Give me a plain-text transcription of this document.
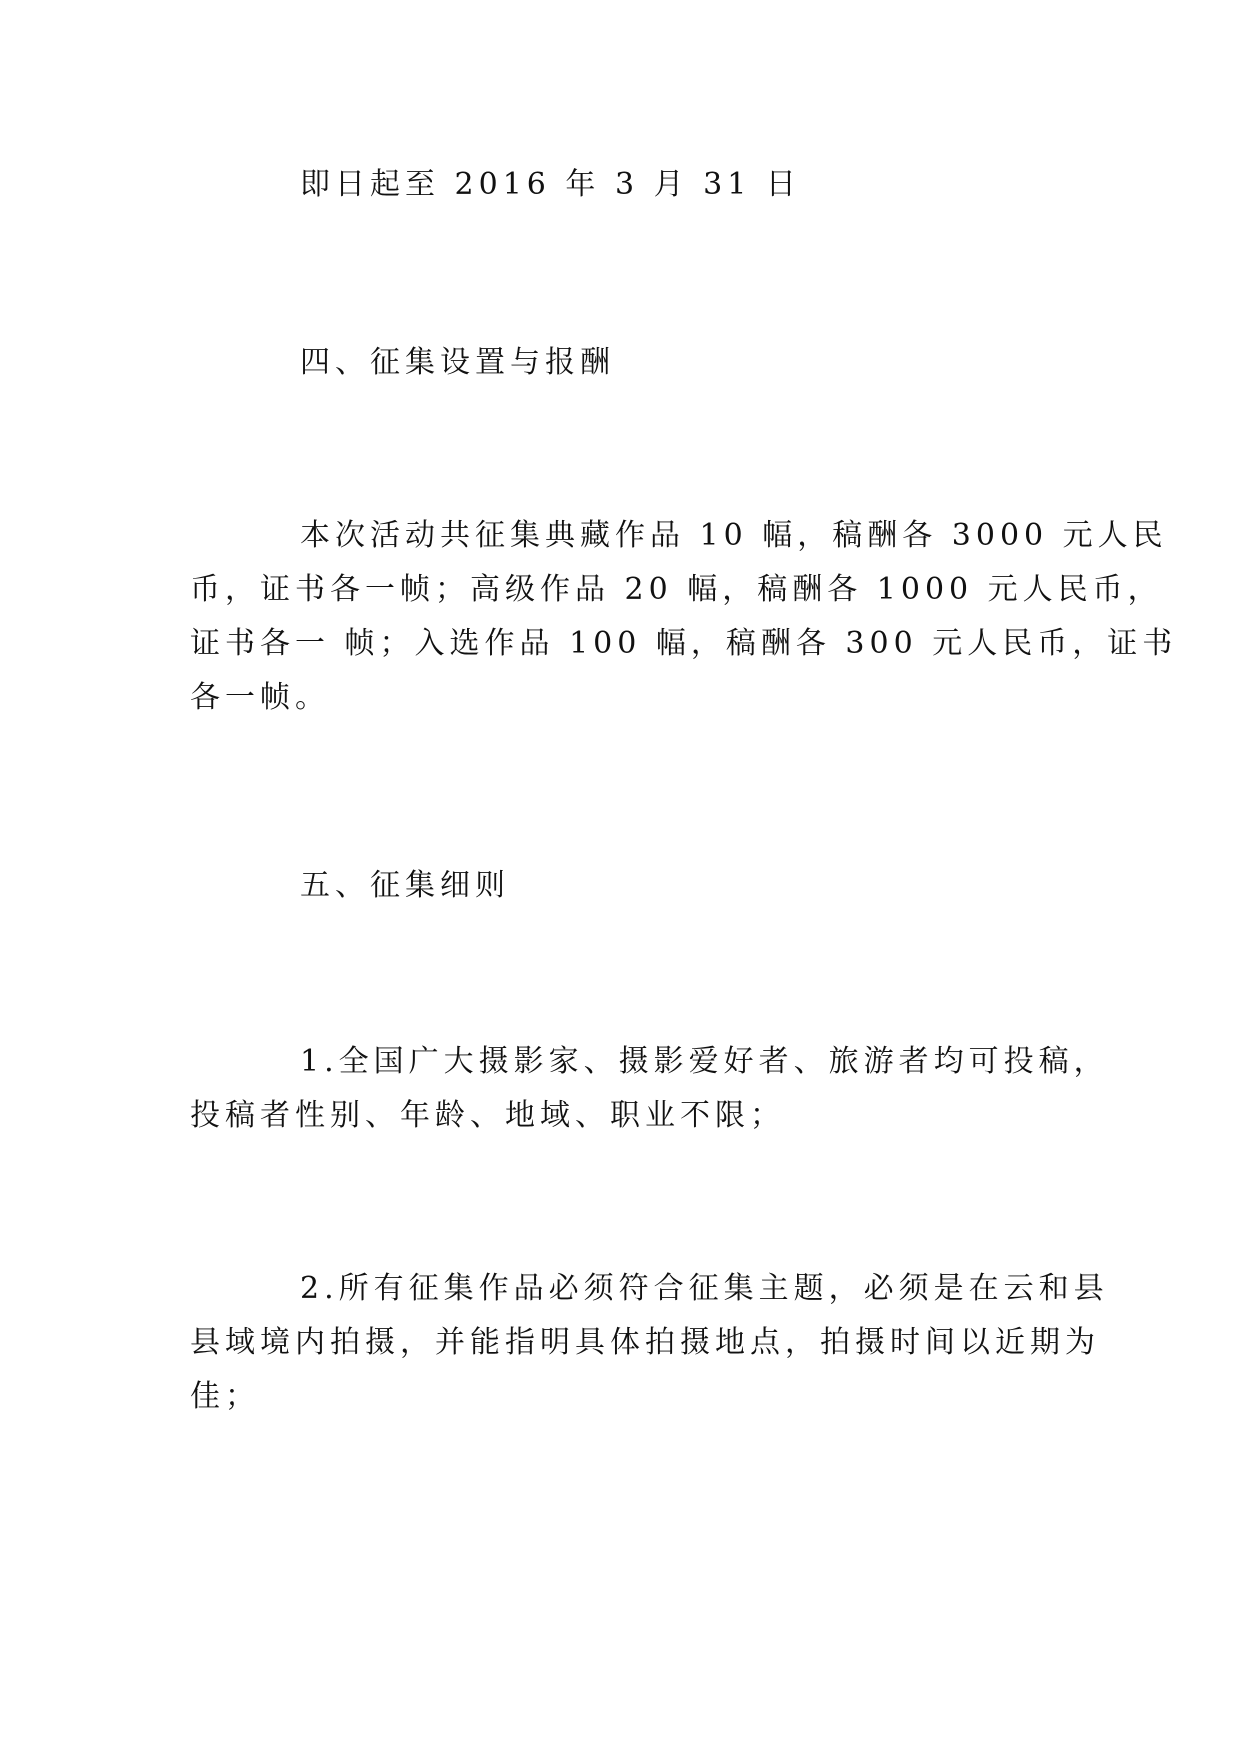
即日起至 2016 年 3 月 31 日

四、征集设置与报酬

本次活动共征集典藏作品 10 幅，稿酬各 3000 元人民
币，证书各一帧；高级作品 20 幅，稿酬各 1000 元人民币，
证书各一 帧；入选作品 100 幅，稿酬各 300 元人民币，证书
各一帧。

五、征集细则

1.全国广大摄影家、摄影爱好者、旅游者均可投稿，
投稿者性别、年龄、地域、职业不限；

2.所有征集作品必须符合征集主题，必须是在云和县
县域境内拍摄，并能指明具体拍摄地点，拍摄时间以近期为
佳；
